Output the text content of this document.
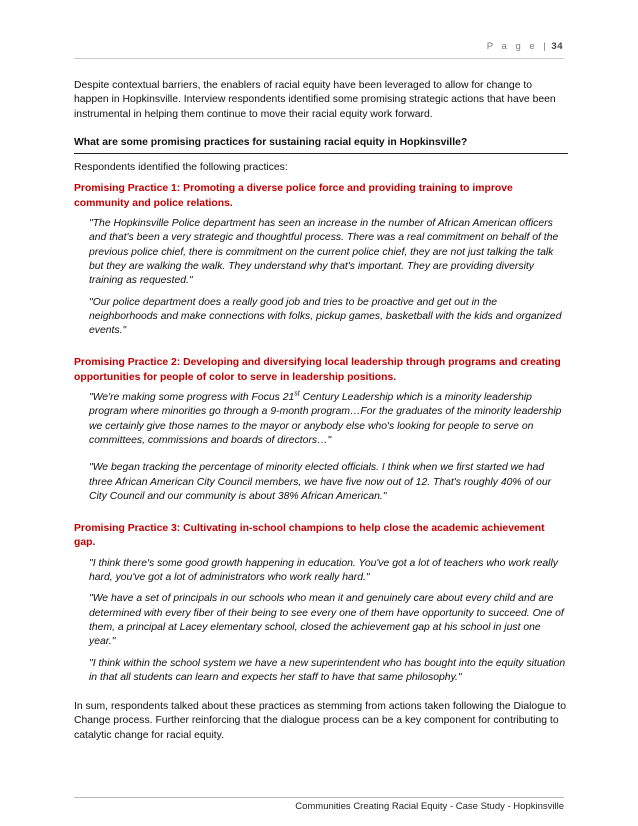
P a g e | 34

Despite contextual barriers, the enablers of racial equity have been leveraged to allow for change to happen in Hopkinsville. Interview respondents identified some promising strategic actions that have been instrumental in helping them continue to move their racial equity work forward.

What are some promising practices for sustaining racial equity in Hopkinsville?

Respondents identified the following practices:

Promising Practice 1: Promoting a diverse police force and providing training to improve community and police relations.

"The Hopkinsville Police department has seen an increase in the number of African American officers and that's been a very strategic and thoughtful process. There was a real commitment on behalf of the previous police chief, there is commitment on the current police chief, they are not just talking the talk but they are walking the walk. They understand why that's important. They are providing diversity training as requested."

"Our police department does a really good job and tries to be proactive and get out in the neighborhoods and make connections with folks, pickup games, basketball with the kids and organized events."

Promising Practice 2: Developing and diversifying local leadership through programs and creating opportunities for people of color to serve in leadership positions.

"We're making some progress with Focus 21st Century Leadership which is a minority leadership program where minorities go through a 9-month program…For the graduates of the minority leadership we certainly give those names to the mayor or anybody else who's looking for people to serve on committees, commissions and boards of directors…"

"We began tracking the percentage of minority elected officials. I think when we first started we had three African American City Council members, we have five now out of 12. That's roughly 40% of our City Council and our community is about 38% African American."

Promising Practice 3: Cultivating in-school champions to help close the academic achievement gap.

"I think there's some good growth happening in education. You've got a lot of teachers who work really hard, you've got a lot of administrators who work really hard."

"We have a set of principals in our schools who mean it and genuinely care about every child and are determined with every fiber of their being to see every one of them have opportunity to succeed. One of them, a principal at Lacey elementary school, closed the achievement gap at his school in just one year."

"I think within the school system we have a new superintendent who has bought into the equity situation in that all students can learn and expects her staff to have that same philosophy."

In sum, respondents talked about these practices as stemming from actions taken following the Dialogue to Change process. Further reinforcing that the dialogue process can be a key component for contributing to catalytic change for racial equity.

Communities Creating Racial Equity - Case Study - Hopkinsville
